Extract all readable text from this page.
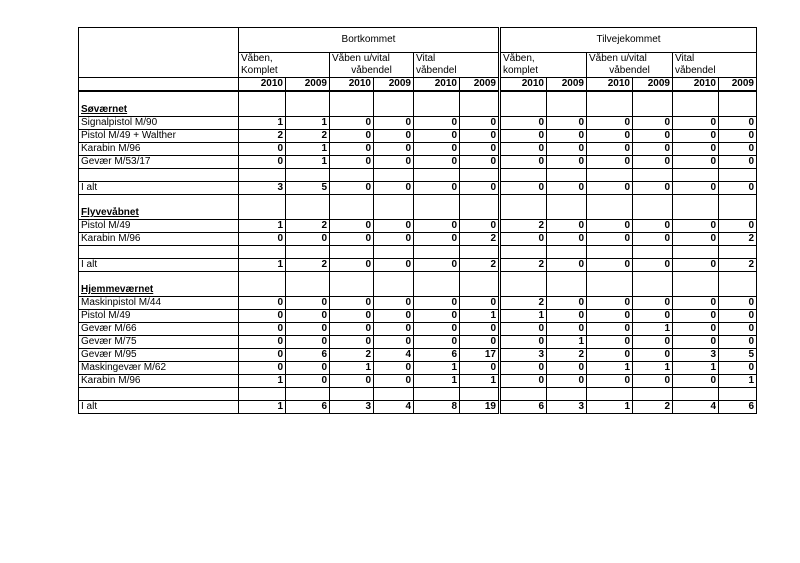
	Bortkommet						Tilvejekommet					
	Våben,		Våben u/vital		Vital		Våben,		Våben u/vital		Vital	
	Komplet		våbendel		våbendel		komplet		våbendel		våbendel	
	2010	2009	2010	2009	2010	2009	2010	2009	2010	2009	2010	2009

Søværnet												
Signalpistol M/90	1	1	0	0	0	0	0	0	0	0	0	0
Pistol M/49 + Walther	2	2	0	0	0	0	0	0	0	0	0	0
Karabin M/96	0	1	0	0	0	0	0	0	0	0	0	0
Gevær M/53/17	0	1	0	0	0	0	0	0	0	0	0	0

I alt	3	5	0	0	0	0	0	0	0	0	0	0

Flyvevåbnet												
Pistol M/49	1	2	0	0	0	0	2	0	0	0	0	0
Karabin M/96	0	0	0	0	0	2	0	0	0	0	0	2

I alt	1	2	0	0	0	2	2	0	0	0	0	2

Hjemmeværnet												
Maskinpistol M/44	0	0	0	0	0	0	2	0	0	0	0	0
Pistol M/49	0	0	0	0	0	1	1	0	0	0	0	0
Gevær M/66	0	0	0	0	0	0	0	0	0	1	0	0
Gevær M/75	0	0	0	0	0	0	0	1	0	0	0	0
Gevær M/95	0	6	2	4	6	17	3	2	0	0	3	5
Maskingevær M/62	0	0	1	0	1	0	0	0	1	1	1	0
Karabin M/96	1	0	0	0	1	1	0	0	0	0	0	1

I alt	1	6	3	4	8	19	6	3	1	2	4	6
